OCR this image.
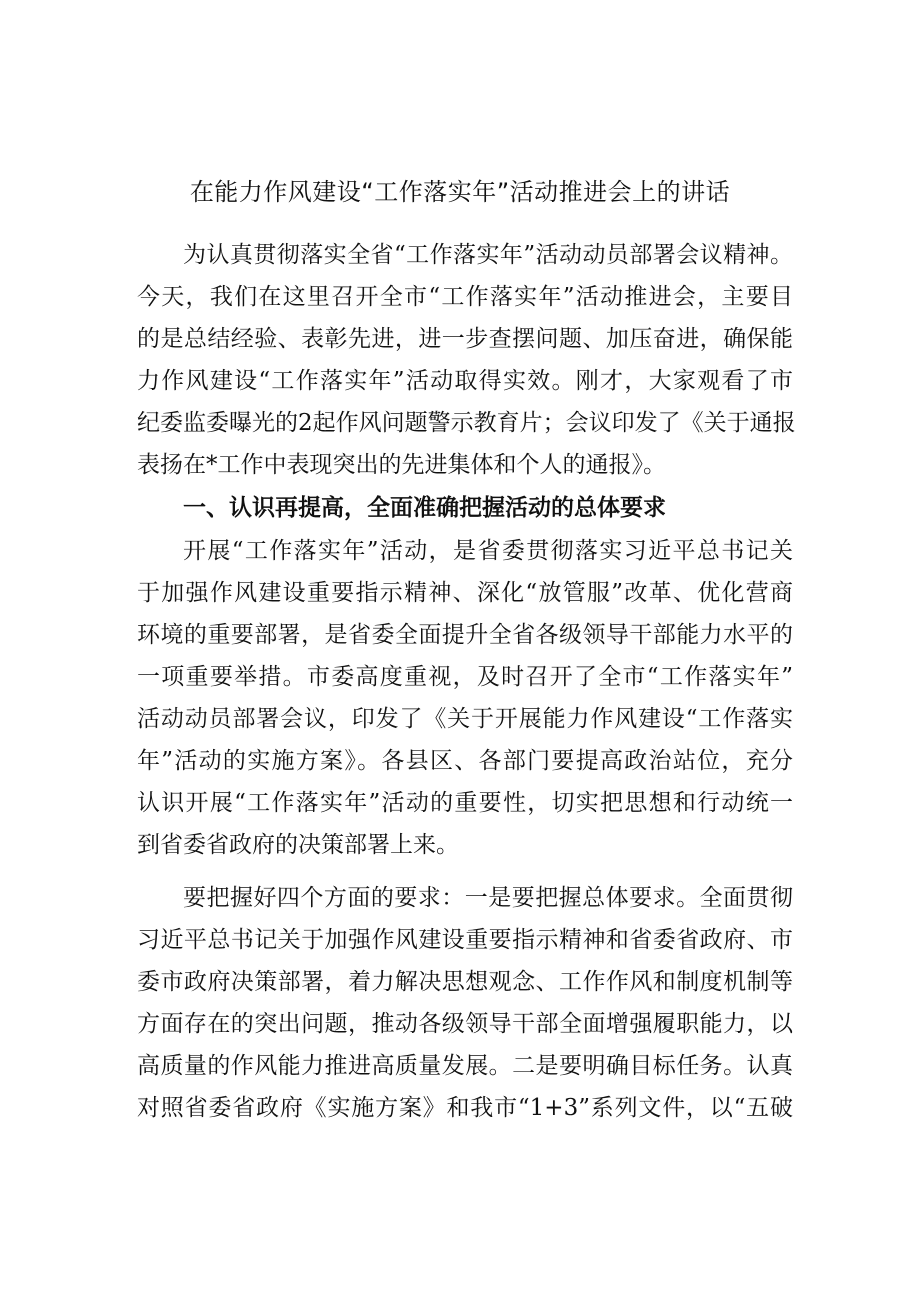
在能力作风建设“工作落实年”活动推进会上的讲话
为认真贯彻落实全省“工作落实年”活动动员部署会议精神。
今天，我们在这里召开全市“工作落实年”活动推进会，主要目
的是总结经验、表彰先进，进一步查摆问题、加压奋进，确保能
力作风建设“工作落实年”活动取得实效。刚才，大家观看了市
纪委监委曝光的2起作风问题警示教育片；会议印发了《关于通报
表扬在*工作中表现突出的先进集体和个人的通报》。
一、认识再提高，全面准确把握活动的总体要求
开展“工作落实年”活动，是省委贯彻落实习近平总书记关
于加强作风建设重要指示精神、深化“放管服”改革、优化营商
环境的重要部署，是省委全面提升全省各级领导干部能力水平的
一项重要举措。市委高度重视，及时召开了全市“工作落实年”
活动动员部署会议，印发了《关于开展能力作风建设“工作落实
年”活动的实施方案》。各县区、各部门要提高政治站位，充分
认识开展“工作落实年”活动的重要性，切实把思想和行动统一
到省委省政府的决策部署上来。
要把握好四个方面的要求：一是要把握总体要求。全面贯彻
习近平总书记关于加强作风建设重要指示精神和省委省政府、市
委市政府决策部署，着力解决思想观念、工作作风和制度机制等
方面存在的突出问题，推动各级领导干部全面增强履职能力，以
高质量的作风能力推进高质量发展。二是要明确目标任务。认真
对照省委省政府《实施方案》和我市“1+3”系列文件，以“五破
